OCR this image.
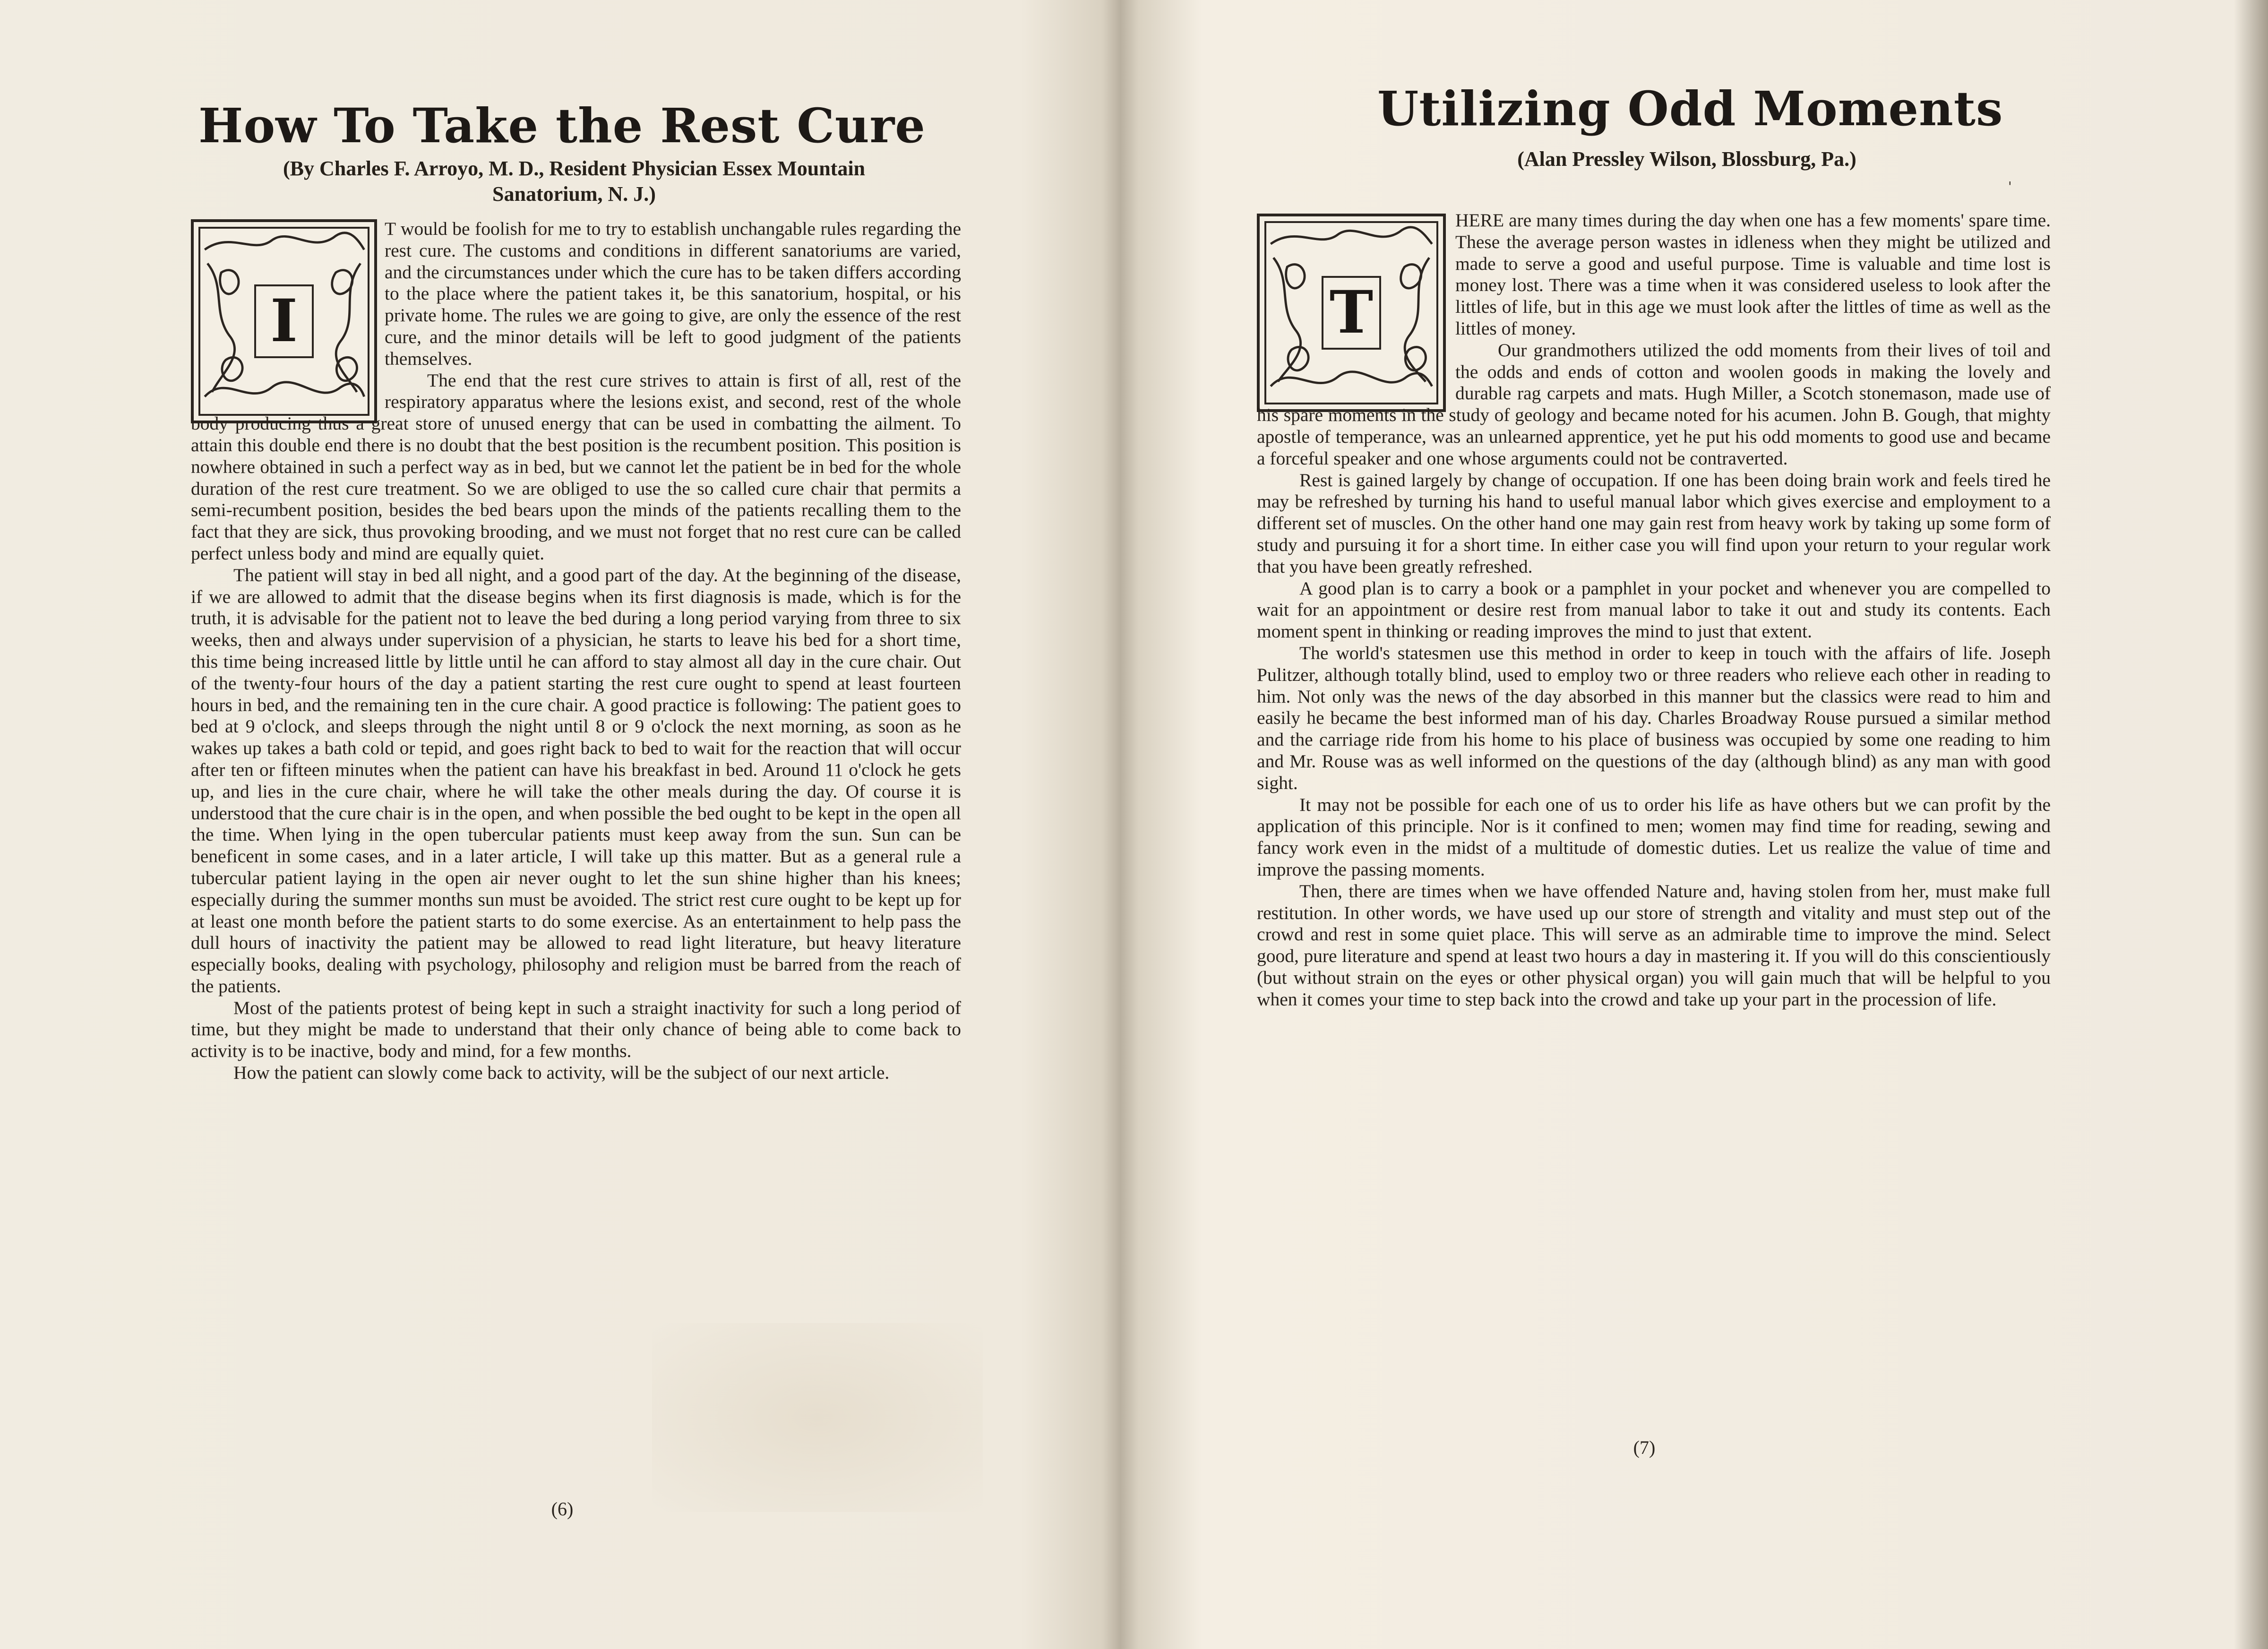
How To Take the Rest Cure

(By Charles F. Arroyo, M. D., Resident Physician Essex Mountain Sanatorium, N. J.)

I

T would be foolish for me to try to establish unchangable rules regarding the rest cure. The customs and conditions in different sanatoriums are varied, and the circumstances under which the cure has to be taken differs according to the place where the patient takes it, be this sanatorium, hospital, or his private home. The rules we are going to give, are only the essence of the rest cure, and the minor details will be left to good judgment of the patients themselves.

The end that the rest cure strives to attain is first of all, rest of the respiratory apparatus where the lesions exist, and second, rest of the whole body producing thus a great store of unused energy that can be used in combatting the ailment. To attain this double end there is no doubt that the best position is the recumbent position. This position is nowhere obtained in such a perfect way as in bed, but we cannot let the patient be in bed for the whole duration of the rest cure treatment. So we are obliged to use the so called cure chair that permits a semi-recumbent position, besides the bed bears upon the minds of the patients recalling them to the fact that they are sick, thus provoking brooding, and we must not forget that no rest cure can be called perfect unless body and mind are equally quiet.

The patient will stay in bed all night, and a good part of the day. At the beginning of the disease, if we are allowed to admit that the disease begins when its first diagnosis is made, which is for the truth, it is advisable for the patient not to leave the bed during a long period varying from three to six weeks, then and always under supervision of a physician, he starts to leave his bed for a short time, this time being increased little by little until he can afford to stay almost all day in the cure chair. Out of the twenty-four hours of the day a patient starting the rest cure ought to spend at least fourteen hours in bed, and the remaining ten in the cure chair. A good practice is following: The patient goes to bed at 9 o'clock, and sleeps through the night until 8 or 9 o'clock the next morning, as soon as he wakes up takes a bath cold or tepid, and goes right back to bed to wait for the reaction that will occur after ten or fifteen minutes when the patient can have his breakfast in bed. Around 11 o'clock he gets up, and lies in the cure chair, where he will take the other meals during the day. Of course it is understood that the cure chair is in the open, and when possible the bed ought to be kept in the open all the time. When lying in the open tubercular patients must keep away from the sun. Sun can be beneficent in some cases, and in a later article, I will take up this matter. But as a general rule a tubercular patient laying in the open air never ought to let the sun shine higher than his knees; especially during the summer months sun must be avoided. The strict rest cure ought to be kept up for at least one month before the patient starts to do some exercise. As an entertainment to help pass the dull hours of inactivity the patient may be allowed to read light literature, but heavy literature especially books, dealing with psychology, philosophy and religion must be barred from the reach of the patients.

Most of the patients protest of being kept in such a straight inactivity for such a long period of time, but they might be made to understand that their only chance of being able to come back to activity is to be inactive, body and mind, for a few months.

How the patient can slowly come back to activity, will be the subject of our next article.

(6)

Utilizing Odd Moments

(Alan Pressley Wilson, Blossburg, Pa.)

'
T

HERE are many times during the day when one has a few moments' spare time. These the average person wastes in idleness when they might be utilized and made to serve a good and useful purpose. Time is valuable and time lost is money lost. There was a time when it was considered useless to look after the littles of life, but in this age we must look after the littles of time as well as the littles of money.

Our grandmothers utilized the odd moments from their lives of toil and the odds and ends of cotton and woolen goods in making the lovely and durable rag carpets and mats. Hugh Miller, a Scotch stonemason, made use of his spare moments in the study of geology and became noted for his acumen. John B. Gough, that mighty apostle of temperance, was an unlearned apprentice, yet he put his odd moments to good use and became a forceful speaker and one whose arguments could not be contraverted.

Rest is gained largely by change of occupation. If one has been doing brain work and feels tired he may be refreshed by turning his hand to useful manual labor which gives exercise and employment to a different set of muscles. On the other hand one may gain rest from heavy work by taking up some form of study and pursuing it for a short time. In either case you will find upon your return to your regular work that you have been greatly refreshed.

A good plan is to carry a book or a pamphlet in your pocket and whenever you are compelled to wait for an appointment or desire rest from manual labor to take it out and study its contents. Each moment spent in thinking or reading improves the mind to just that extent.

The world's statesmen use this method in order to keep in touch with the affairs of life. Joseph Pulitzer, although totally blind, used to employ two or three readers who relieve each other in reading to him. Not only was the news of the day absorbed in this manner but the classics were read to him and easily he became the best informed man of his day. Charles Broadway Rouse pursued a similar method and the carriage ride from his home to his place of business was occupied by some one reading to him and Mr. Rouse was as well informed on the questions of the day (although blind) as any man with good sight.

It may not be possible for each one of us to order his life as have others but we can profit by the application of this principle. Nor is it confined to men; women may find time for reading, sewing and fancy work even in the midst of a multitude of domestic duties. Let us realize the value of time and improve the passing moments.

Then, there are times when we have offended Nature and, having stolen from her, must make full restitution. In other words, we have used up our store of strength and vitality and must step out of the crowd and rest in some quiet place. This will serve as an admirable time to improve the mind. Select good, pure literature and spend at least two hours a day in mastering it. If you will do this conscientiously (but without strain on the eyes or other physical organ) you will gain much that will be helpful to you when it comes your time to step back into the crowd and take up your part in the procession of life.

(7)
